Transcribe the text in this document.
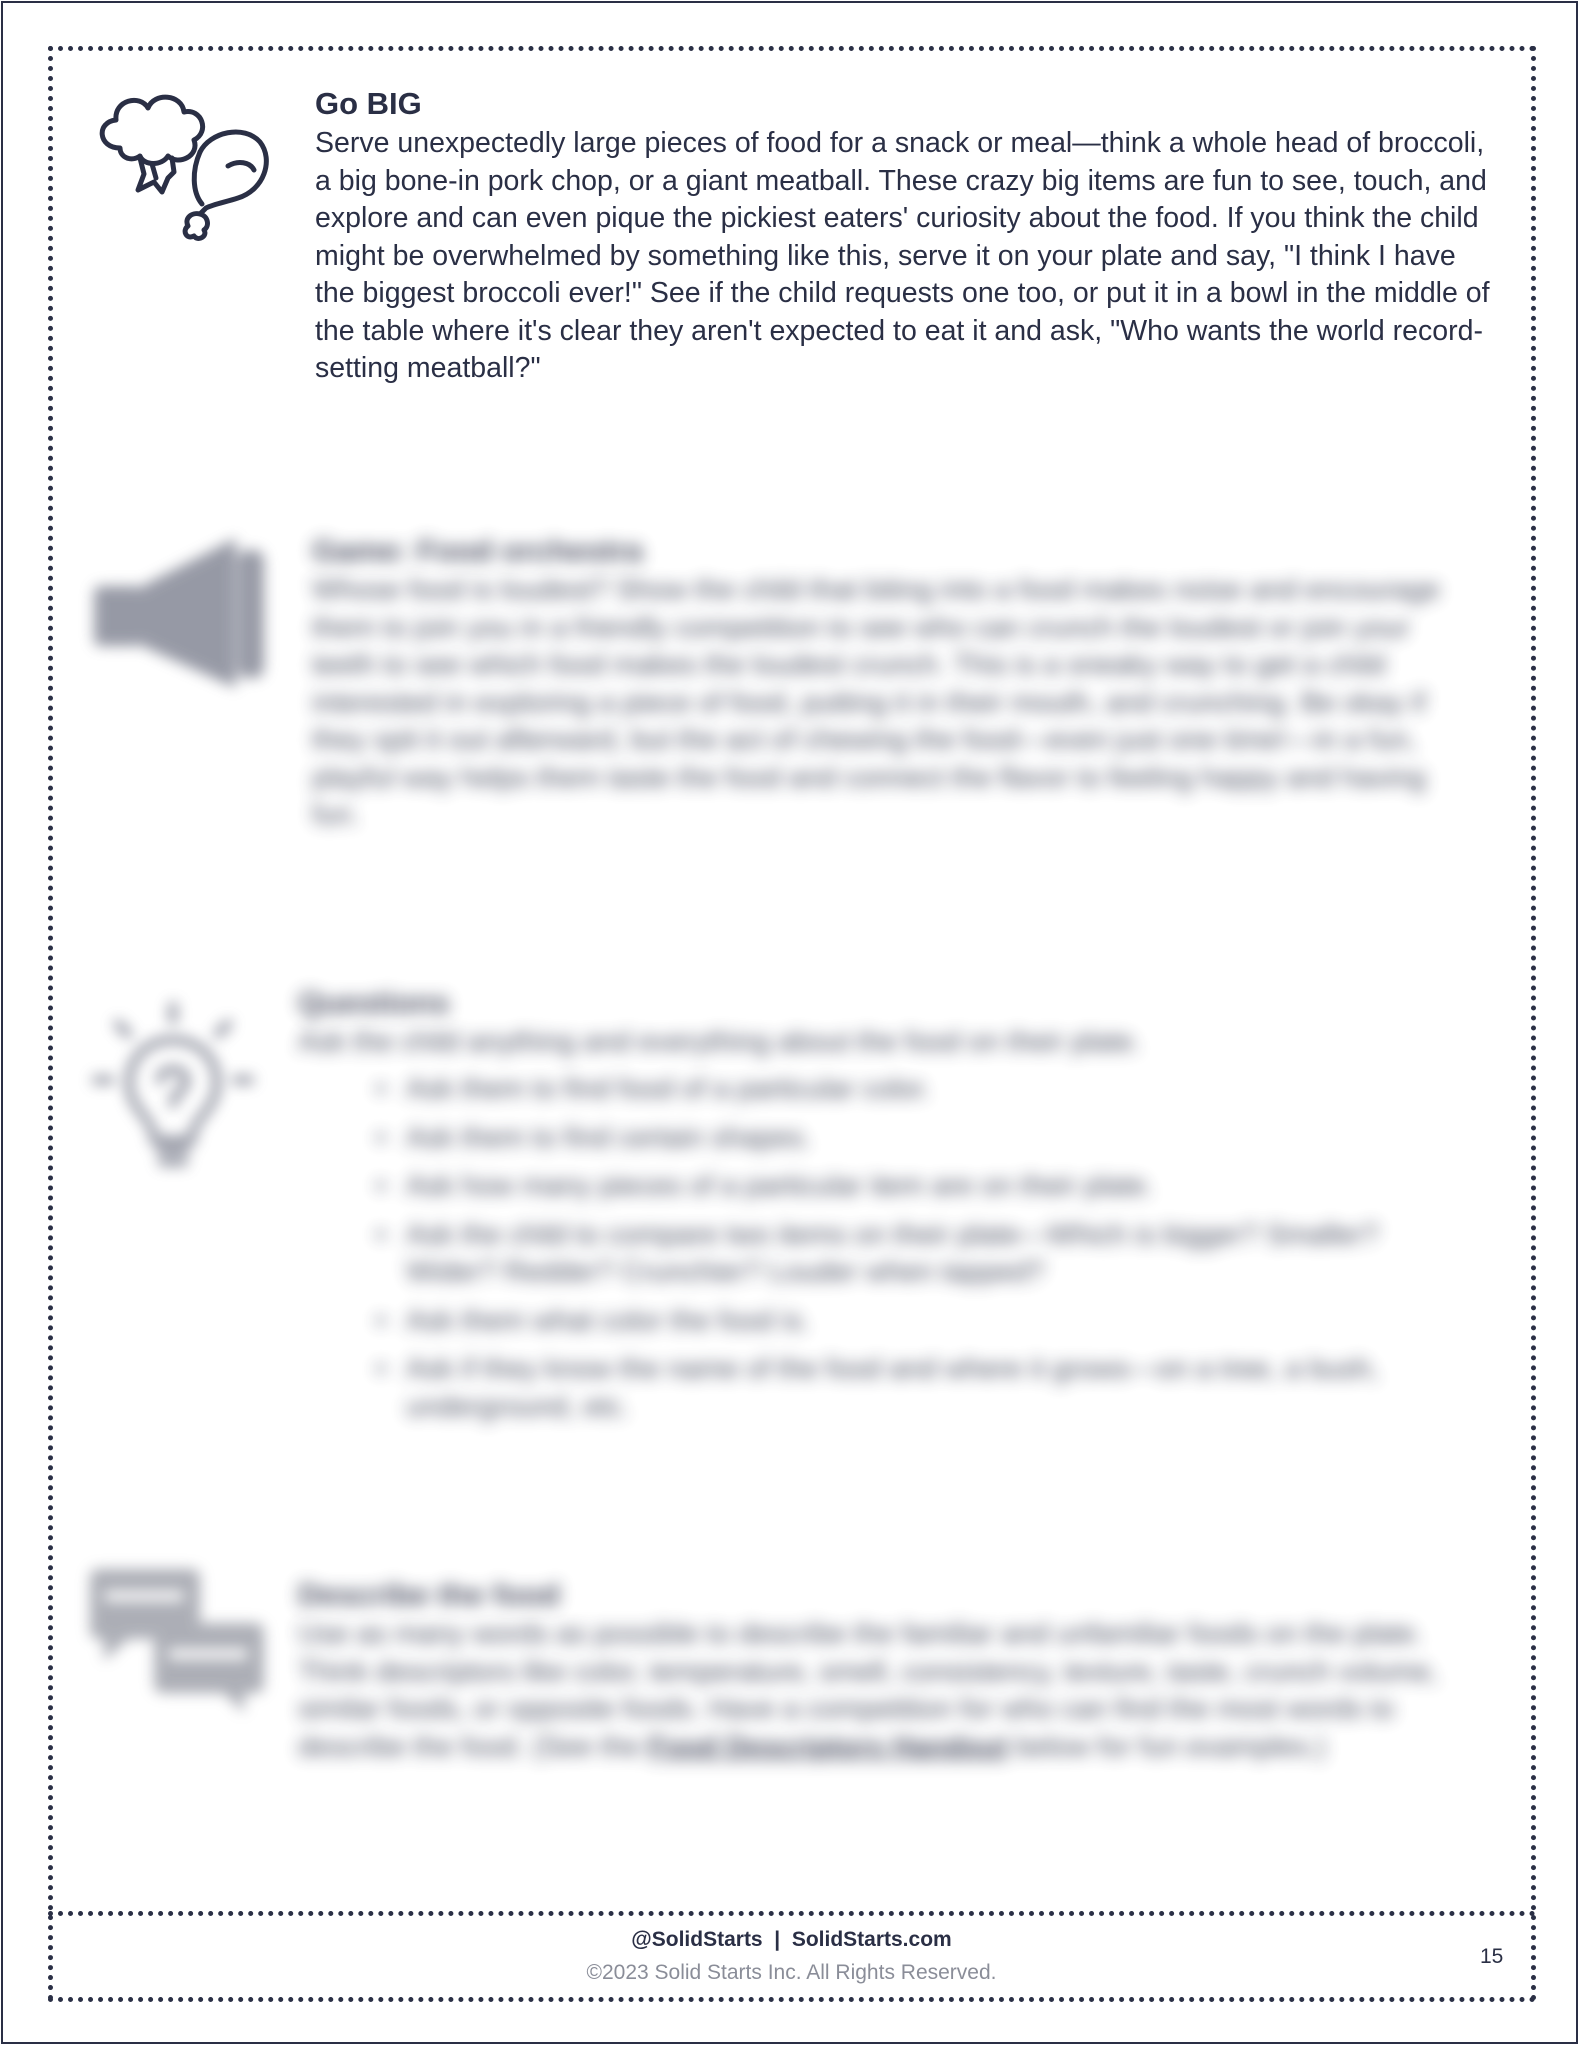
Go BIG
Serve unexpectedly large pieces of food for a snack or meal—think a whole head of broccoli, a big bone-in pork chop, or a giant meatball. These crazy big items are fun to see, touch, and explore and can even pique the pickiest eaters' curiosity about the food. If you think the child might be overwhelmed by something like this, serve it on your plate and say, "I think I have the biggest broccoli ever!" See if the child requests one too, or put it in a bowl in the middle of the table where it's clear they aren't expected to eat it and ask, "Who wants the world record-setting meatball?"
Game: Food orchestra
Whose food is loudest? Show the child that biting into a food makes noise and encourage them to join you in a friendly competition to see who can crunch the loudest or join your teeth to see which food makes the loudest crunch. This is a sneaky way to get a child interested in exploring a piece of food, putting it in their mouth, and crunching. Be okay if they spit it out afterward, but the act of chewing the food—even just one time!—in a fun, playful way helps them taste the food and connect the flavor to feeling happy and having fun.
Questions
Ask the child anything and everything about the food on their plate.
• Ask them to find food of a particular color.
• Ask them to find certain shapes.
• Ask how many pieces of a particular item are on their plate.
• Ask the child to compare two items on their plate—Which is bigger? Smaller? Wider? Redder? Crunchier? Louder when tapped?
• Ask them what color the food is.
• Ask if they know the name of the food and where it grows—on a tree, a bush, underground, etc.
Describe the food
Use as many words as possible to describe the familiar and unfamiliar foods on the plate. Think descriptors like color, temperature, smell, consistency, texture, taste, crunch volume, similar foods, or opposite foods. Have a competition for who can find the most words to describe the food. (See the Food Descriptors Handout below for fun examples.)
@SolidStarts  |  SolidStarts.com
©2023 Solid Starts Inc. All Rights Reserved.
15
